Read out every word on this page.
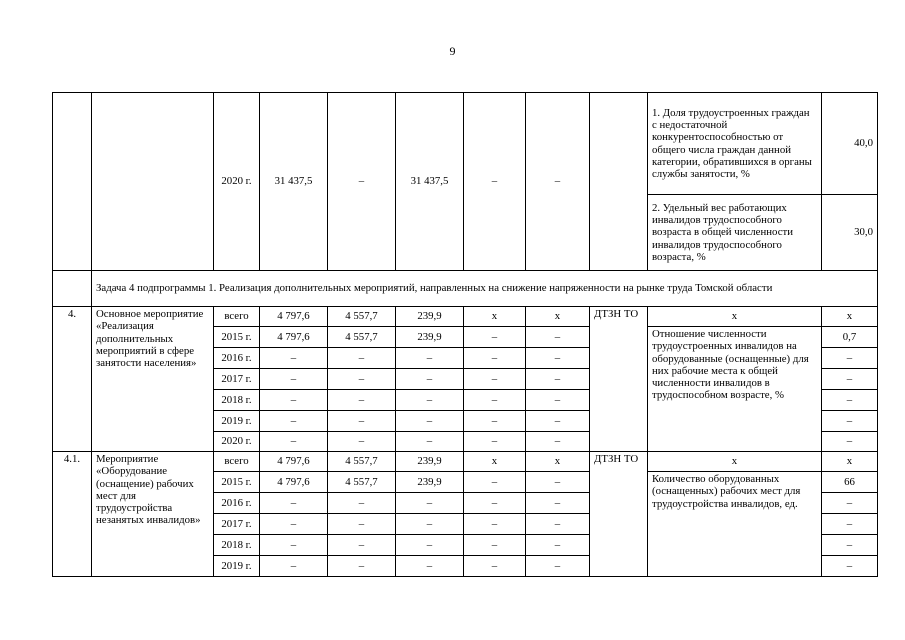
9
		2020 г.	31 437,5	–	31 437,5	–	–		1. Доля трудоустроенных граждан с недостаточной конкурентоспособностью от общего числа граждан данной категории, обратившихся в органы службы занятости, %	40,0
									2. Удельный вес работающих инвалидов трудоспособного возраста в общей численности инвалидов трудоспособного возраста, %	30,0
	Задача 4 подпрограммы 1. Реализация дополнительных мероприятий, направленных на снижение напряженности на рынке труда Томской области									
4.	Основное мероприятие «Реализация дополнительных мероприятий в сфере занятости населения»	всего	4 797,6	4 557,7	239,9	х	х	ДТЗН ТО	х	х
		2015 г.	4 797,6	4 557,7	239,9	–	–		Отношение численности трудоустроенных инвалидов на оборудованные (оснащенные) для них рабочие места к общей численности инвалидов в трудоспособном возрасте, %	0,7
		2016 г.	–	–	–	–	–			–
		2017 г.	–	–	–	–	–			–
		2018 г.	–	–	–	–	–			–
		2019 г.	–	–	–	–	–			–
		2020 г.	–	–	–	–	–			–
4.1.	Мероприятие «Оборудование (оснащение) рабочих мест для трудоустройства незанятых инвалидов»	всего	4 797,6	4 557,7	239,9	х	х	ДТЗН ТО	х	х
		2015 г.	4 797,6	4 557,7	239,9	–	–		Количество оборудованных (оснащенных) рабочих мест для трудоустройства инвалидов, ед.	66
		2016 г.	–	–	–	–	–			–
		2017 г.	–	–	–	–	–			–
		2018 г.	–	–	–	–	–			–
		2019 г.	–	–	–	–	–			–
